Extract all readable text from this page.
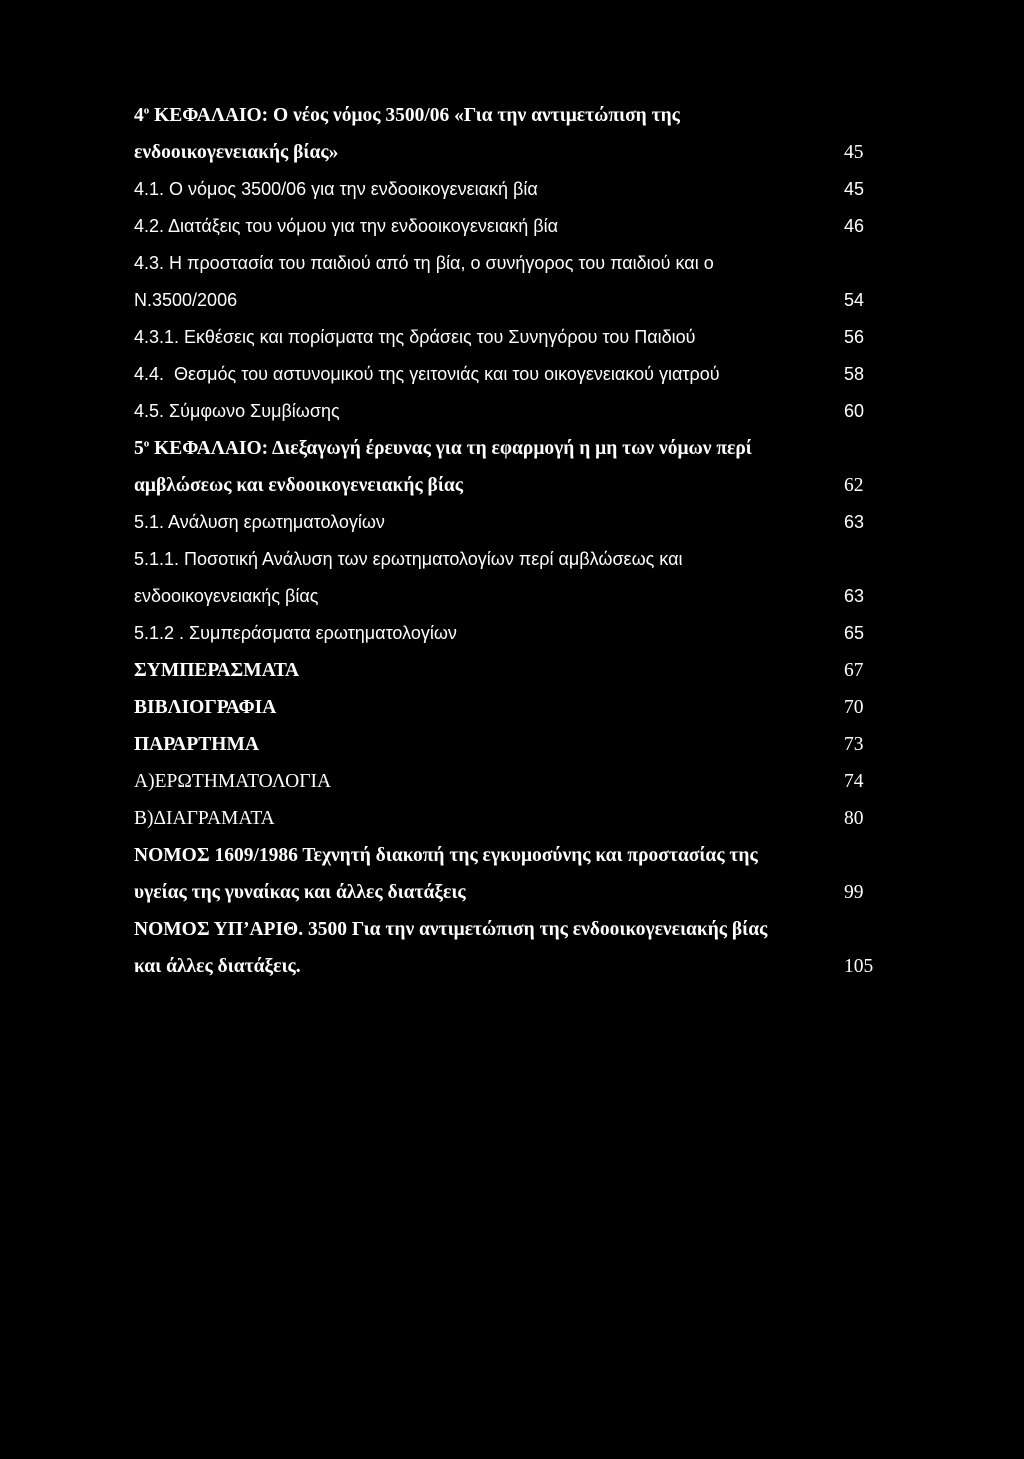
$4^o$ ΚΕΦΑΛΑΙΟ: Ο νέος νόμος 3500/06 «Για την αντιμετώπιση της
ενδοοικογενειακής βίας»	45
4.1. Ο νόμος 3500/06 για την ενδοοικογενειακή βία	45
4.2. Διατάξεις του νόμου για την ενδοοικογενειακή βία	46
4.3. Η προστασία του παιδιού από τη βία, ο συνήγορος του παιδιού και ο
Ν.3500/2006	54
4.3.1. Εκθέσεις και πορίσματα της δράσεις του Συνηγόρου του Παιδιού	56
4.4.  Θεσμός του αστυνομικού της γειτονιάς και του οικογενειακού γιατρού	58
4.5. Σύμφωνο Συμβίωσης	60
$5^o$ ΚΕΦΑΛΑΙΟ: Διεξαγωγή έρευνας για τη εφαρμογή η μη των νόμων περί
αμβλώσεως και ενδοοικογενειακής βίας	62
5.1. Ανάλυση ερωτηματολογίων	63
5.1.1. Ποσοτική Ανάλυση των ερωτηματολογίων περί αμβλώσεως και
ενδοοικογενειακής βίας	63
5.1.2 . Συμπεράσματα ερωτηματολογίων	65
ΣΥΜΠΕΡΑΣΜΑΤΑ	67
ΒΙΒΛΙΟΓΡΑΦΙΑ	70
ΠΑΡΑΡΤΗΜΑ	73
Α)ΕΡΩΤΗΜΑΤΟΛΟΓΙΑ	74
Β)ΔΙΑΓΡΑΜΑΤΑ	80
ΝΟΜΟΣ 1609/1986 Τεχνητή διακοπή της εγκυμοσύνης και προστασίας της
υγείας της γυναίκας και άλλες διατάξεις	99
ΝΟΜΟΣ ΥΠ’ΑΡΙΘ. 3500 Για την αντιμετώπιση της ενδοοικογενειακής βίας
και άλλες διατάξεις.	105
